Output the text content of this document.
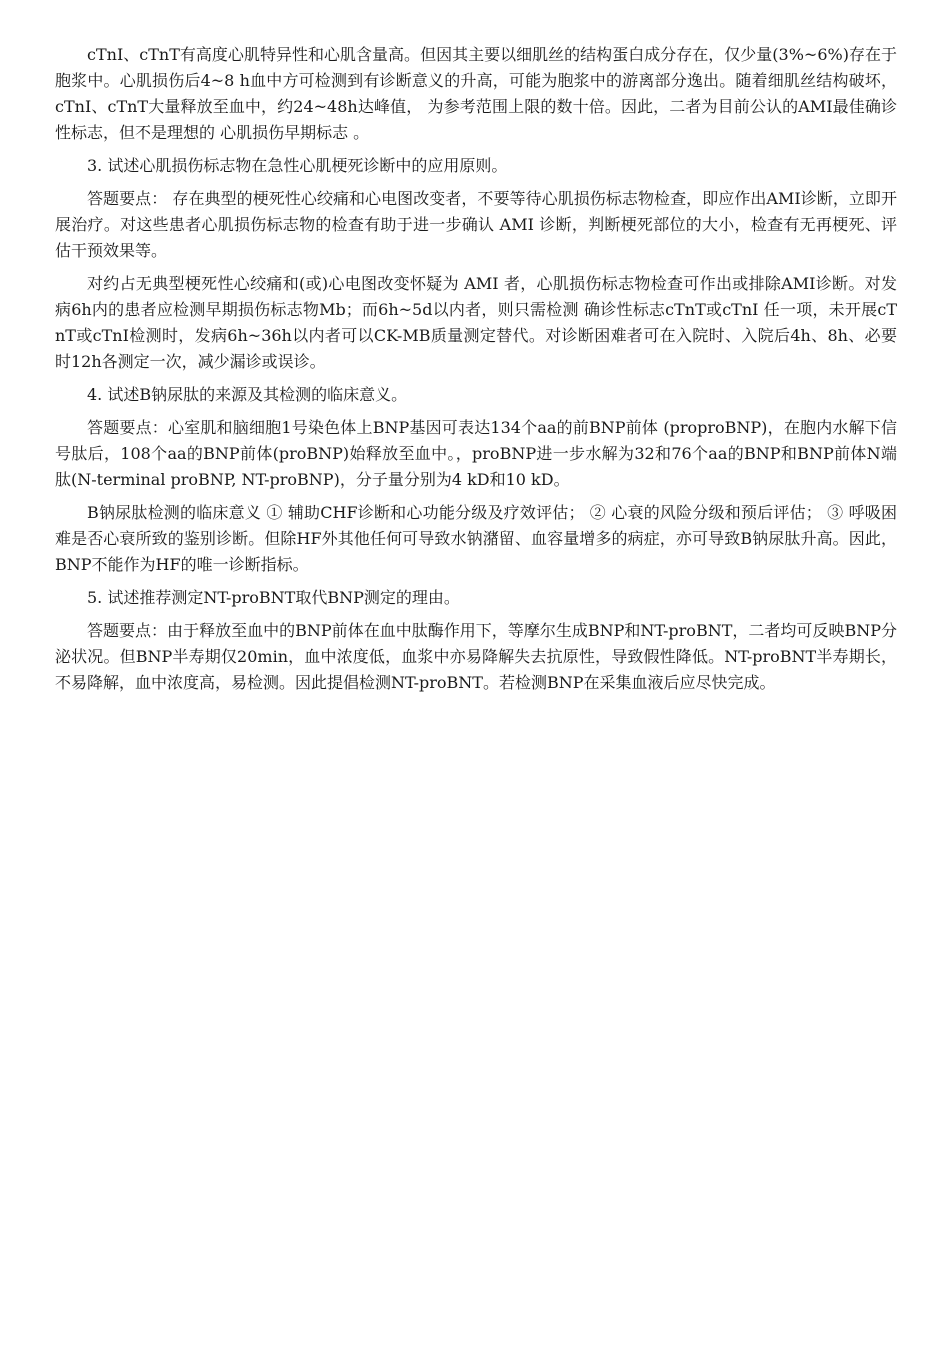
cTnI、cTnT有高度心肌特异性和心肌含量高。但因其主要以细肌丝的结构蛋白成分存在，仅少量(3%~6%)存在于胞浆中。心肌损伤后4~8 h血中方可检测到有诊断意义的升高，可能为胞浆中的游离部分逸出。随着细肌丝结构破坏，cTnI、cTnT大量释放至血中，约24~48h达峰值， 为参考范围上限的数十倍。因此，二者为目前公认的AMI最佳确诊性标志，但不是理想的 心肌损伤早期标志 。

3. 试述心肌损伤标志物在急性心肌梗死诊断中的应用原则。

答题要点： 存在典型的梗死性心绞痛和心电图改变者，不要等待心肌损伤标志物检查，即应作出AMI诊断，立即开展治疗。对这些患者心肌损伤标志物的检查有助于进一步确认 AMI 诊断，判断梗死部位的大小，检查有无再梗死、评估干预效果等。

对约占无典型梗死性心绞痛和(或)心电图改变怀疑为 AMI 者，心肌损伤标志物检查可作出或排除AMI诊断。对发病6h内的患者应检测早期损伤标志物Mb；而6h~5d以内者，则只需检测 确诊性标志cTnT或cTnI 任一项，未开展cTnT或cTnI检测时，发病6h~36h以内者可以CK-MB质量测定替代。对诊断困难者可在入院时、入院后4h、8h、必要时12h各测定一次，减少漏诊或误诊。

4. 试述B钠尿肽的来源及其检测的临床意义。

答题要点：心室肌和脑细胞1号染色体上BNP基因可表达134个aa的前BNP前体 (proproBNP)，在胞内水解下信号肽后，108个aa的BNP前体(proBNP)始释放至血中。，proBNP进一步水解为32和76个aa的BNP和BNP前体N端肽(N-terminal proBNP, NT-proBNP)，分子量分别为4 kD和10 kD。

B钠尿肽检测的临床意义 ① 辅助CHF诊断和心功能分级及疗效评估； ② 心衰的风险分级和预后评估； ③ 呼吸困难是否心衰所致的鉴别诊断。但除HF外其他任何可导致水钠潴留、血容量增多的病症，亦可导致B钠尿肽升高。因此，BNP不能作为HF的唯一诊断指标。

5. 试述推荐测定NT-proBNT取代BNP测定的理由。

答题要点：由于释放至血中的BNP前体在血中肽酶作用下，等摩尔生成BNP和NT-proBNT，二者均可反映BNP分泌状况。但BNP半寿期仅20min，血中浓度低，血浆中亦易降解失去抗原性，导致假性降低。NT-proBNT半寿期长，不易降解，血中浓度高，易检测。因此提倡检测NT-proBNT。若检测BNP在采集血液后应尽快完成。
